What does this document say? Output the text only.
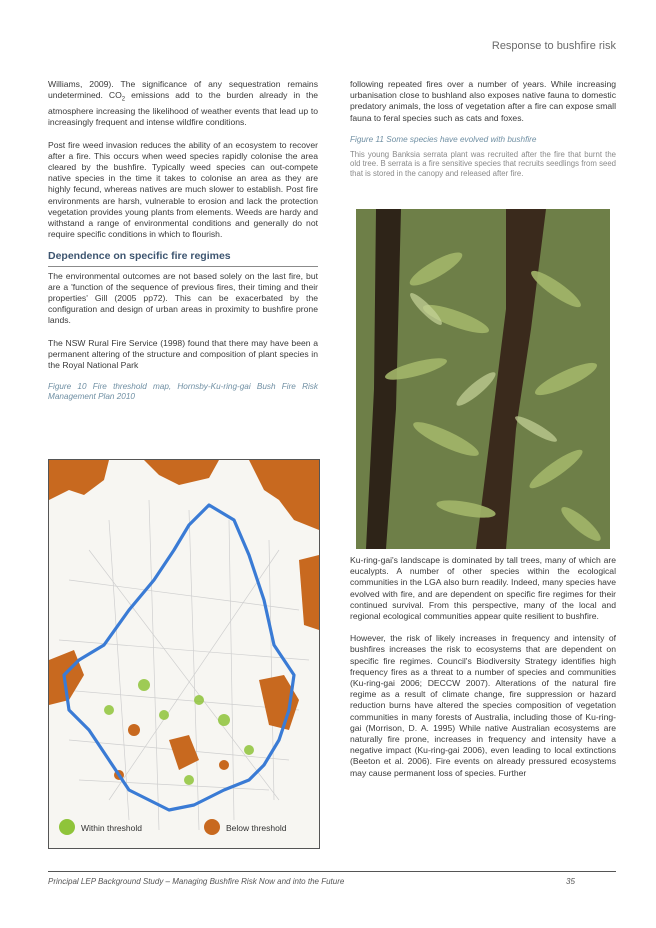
Response to bushfire risk

Williams, 2009). The significance of any sequestration remains undetermined. $CO_2$ emissions add to the burden already in the atmosphere increasing the likelihood of weather events that lead up to increasingly frequent and intense wildfire conditions.

Post fire weed invasion reduces the ability of an ecosystem to recover after a fire. This occurs when weed species rapidly colonise the area cleared by the bushfire. Typically weed species can out-compete native species in the time it takes to colonise an area as they are highly fecund, whereas natives are much slower to establish. Post fire environments are harsh, vulnerable to erosion and lack the protection vegetation provides young plants from elements. Weeds are hardy and withstand a range of environmental conditions and generally do not require specific conditions in which to flourish.

Dependence on specific fire regimes

The environmental outcomes are not based solely on the last fire, but are a 'function of the sequence of previous fires, their timing and their properties' Gill (2005 pp72). This can be exacerbated by the configuration and design of urban areas in proximity to bushfire prone lands.

The NSW Rural Fire Service (1998) found that there may have been a permanent altering of the structure and composition of plant species in the Royal National Park

Figure 10 Fire threshold map, Hornsby-Ku-ring-gai Bush Fire Risk Management Plan 2010
Within threshold	Below threshold

following repeated fires over a number of years. While increasing urbanisation close to bushland also exposes native fauna to domestic predatory animals, the loss of vegetation after a fire can expose small fauna to feral species such as cats and foxes.

Figure 11 Some species have evolved with bushfire
This young Banksia serrata plant was recruited after the fire that burnt the old tree. B serrata is a fire sensitive species that recruits seedlings from seed that is stored in the canopy and released after fire.

Ku-ring-gai's landscape is dominated by tall trees, many of which are eucalypts. A number of other species within the ecological communities in the LGA also burn readily. Indeed, many species have evolved with fire, and are dependent on specific fire regimes for their continued survival. From this perspective, many of the local and regional ecological communities appear quite resilient to bushfire.

However, the risk of likely increases in frequency and intensity of bushfires increases the risk to ecosystems that are dependent on specific fire regimes. Council's Biodiversity Strategy identifies high frequency fires as a threat to a number of species and communities (Ku-ring-gai 2006; DECCW 2007). Alterations of the natural fire regime as a result of climate change, fire suppression or hazard reduction burns have altered the species composition of vegetation communities in many forests of Australia, including those of Ku-ring-gai (Morrison, D. A. 1995) While native Australian ecosystems are naturally fire prone, increases in frequency and intensity have a negative impact (Ku-ring-gai 2006), even leading to local extinctions (Beeton et al. 2006). Fire events on already pressured ecosystems may cause permanent loss of species. Further

Principal LEP Background Study – Managing Bushfire Risk Now and into the Future	35
